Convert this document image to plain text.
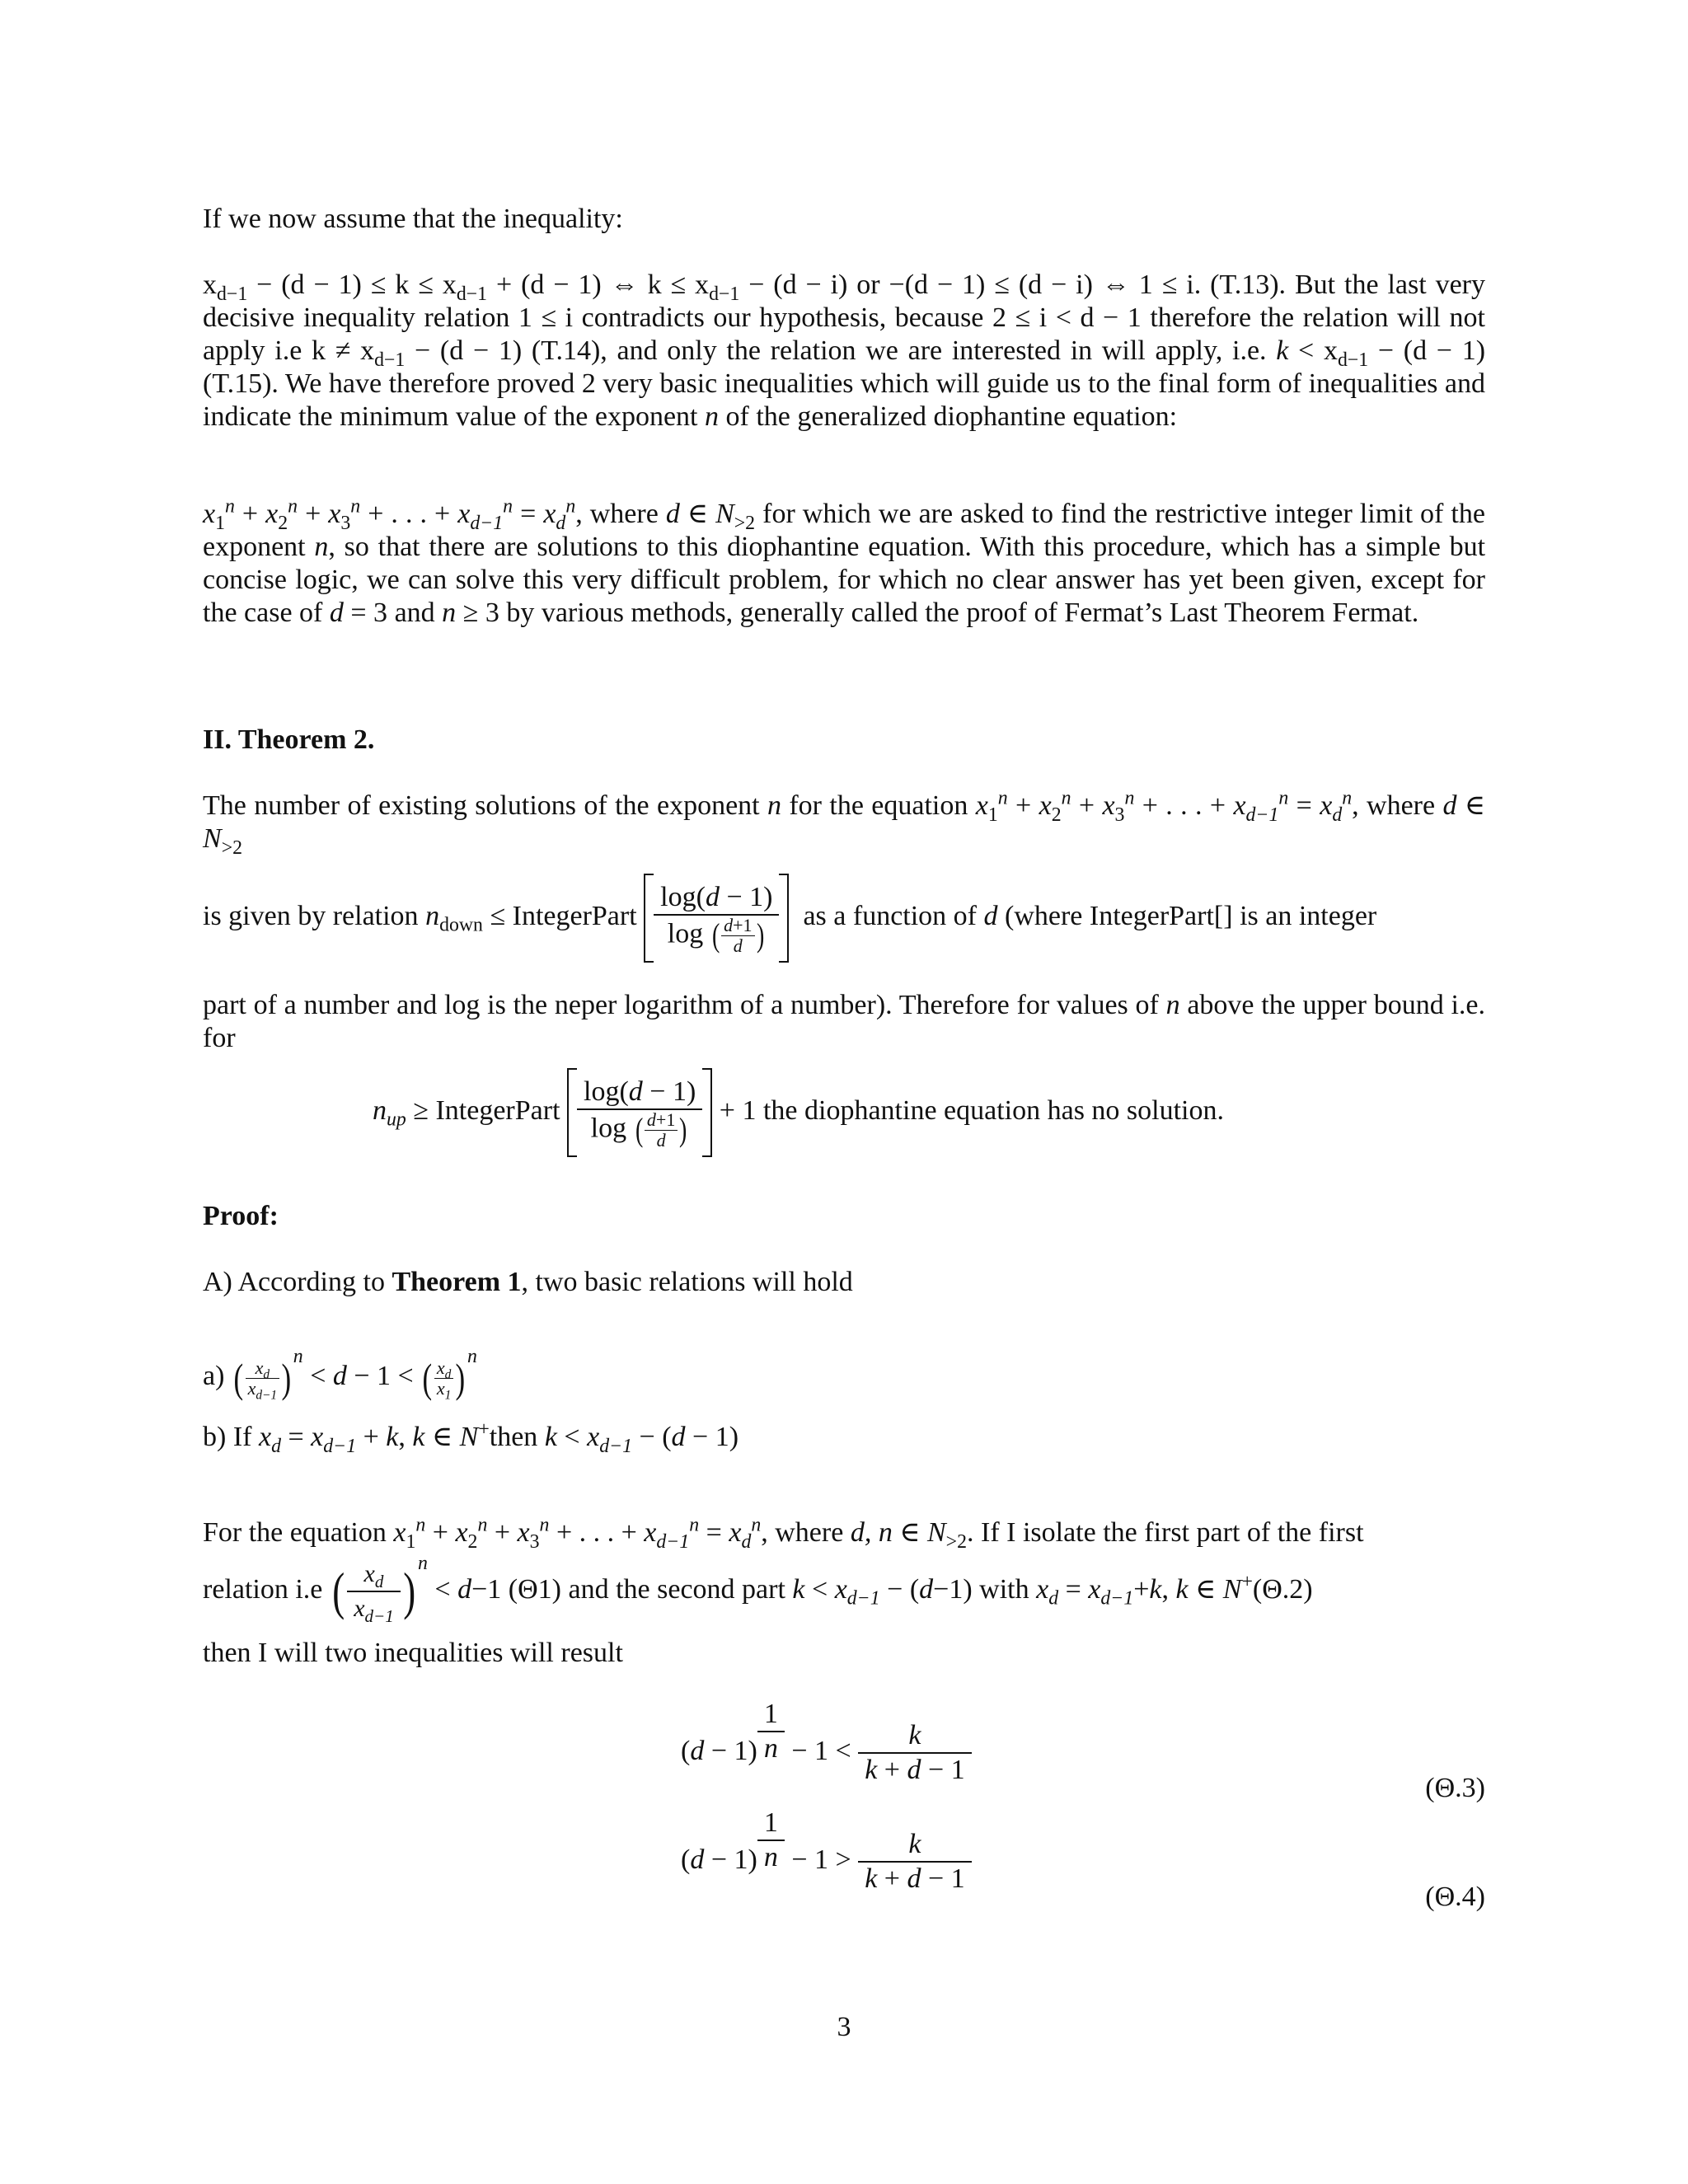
If we now assume that the inequality:

$x_{d-1} - (d - 1) \le k \le x_{d-1} + (d - 1)$ ⇔ $k \le x_{d-1} - (d - i)$ or −(d − 1) ≤ (d − i) ⇔ 1 ≤ i. (T.13). But the last very decisive inequality relation 1 ≤ i contradicts our hypothesis, because 2 ≤ i < d − 1 therefore the relation will not apply i.e $k \ne x_{d-1} - (d - 1)$ (T.14), and only the relation we are interested in will apply, i.e. $k < x_{d-1} - (d - 1)$ (T.15). We have therefore proved 2 very basic inequalities which will guide us to the final form of inequalities and indicate the minimum value of the exponent n of the generalized diophantine equation:
$x_1^n + x_2^n + x_3^n$ + . . . + $x_{d-1}^n = x_d^n$, where d ∈ $N_{>2}$ for which we are asked to find the restrictive integer limit of the exponent n, so that there are solutions to this diophantine equation. With this procedure, which has a simple but concise logic, we can solve this very difficult problem, for which no clear answer has yet been given, except for the case of d = 3 and n ≥ 3 by various methods, generally called the proof of Fermat’s Last Theorem Fermat.

II. Theorem 2.

The number of existing solutions of the exponent n for the equation $x_1^n + x_2^n + x_3^n$ + . . . + $x_{d-1}^n = x_d^n$, where d ∈ $N_{>2}$
is given by relation $n_{down}$ ≤ IntegerPart $\frac{\log(d - 1)}{\log ( \frac{d+1}{d} )}$ as a function of d (where IntegerPart[] is an integer
part of a number and log is the neper logarithm of a number). Therefore for values of n above the upper bound i.e. for
$n_{up}$ ≥ IntegerPart $\frac{\log(d - 1)}{\log ( \frac{d+1}{d} )} + 1$ the diophantine equation has no solution.

Proof:

A) According to Theorem 1, two basic relations will hold
a) ( $\frac{x_d}{x_{d-1}}$ ) $^n$ < d − 1 < ( $\frac{x_d}{x_1}$ ) $^n$
b) If $x_d = x_{d-1} + k$, k ∈ N+then $k < x_{d-1} - (d - 1)$
For the equation $x_1^n + x_2^n + x_3^n$ + . . . + $x_{d-1}^n = x_d^n$, where d, n ∈ $N_{>2}$. If I isolate the first part of the first
relation i.e ( $\frac{x_d}{x_{d-1}}$ ) $^n$ < d−1 (Θ1) and the second part $k < x_{d-1} - (d-1)$ with $x_d = x_{d-1}+k$, k ∈ N+(Θ.2)

then I will two inequalities will result

$(d - 1) \frac{1}{n} - 1 < \frac{k}{k + d - 1}$
(Θ.3)
$(d - 1) \frac{1}{n} - 1 > \frac{k}{k + d - 1}$
(Θ.4)
3
